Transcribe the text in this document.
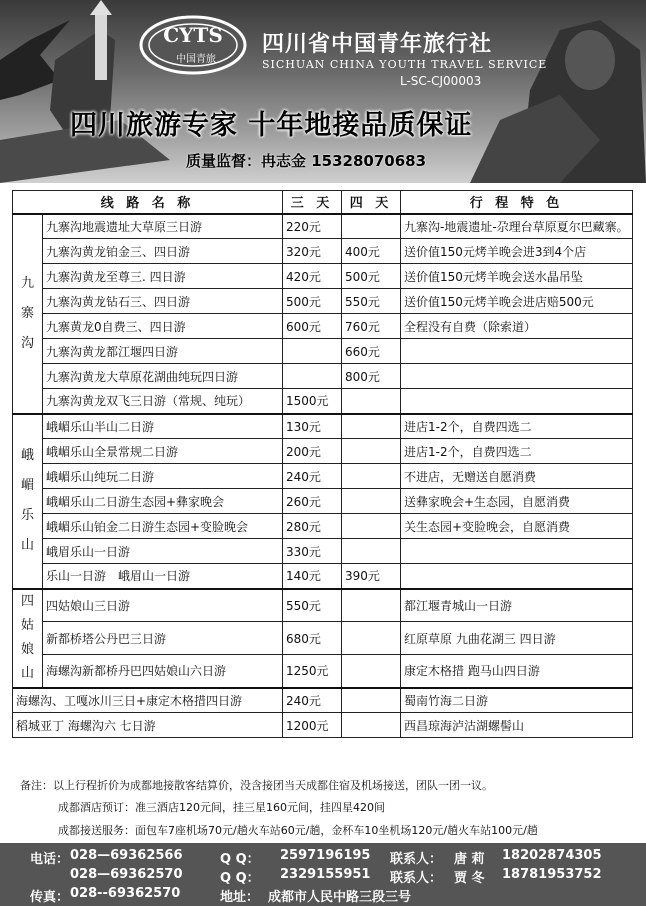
CYTS
中国青旅
四川省中国青年旅行社
SICHUAN CHINA YOUTH TRAVEL SERVICE
L-SC-CJ00003
四川旅游专家 十年地接品质保证
质量监督：冉志金 15328070683
线 路 名 称		三 天	四 天	行 程 特 色
九寨沟	九寨沟地震遗址大草原三日游	220元		九寨沟-地震遗址-尕理台草原夏尔巴藏寨。
	九寨沟黄龙铂金三、四日游	320元	400元	送价值150元烤羊晚会进3到4个店
	九寨沟黄龙至尊三. 四日游	420元	500元	送价值150元烤羊晚会送水晶吊坠
	九寨沟黄龙钻石三、四日游	500元	550元	送价值150元烤羊晚会进店赔500元
	九寨黄龙0自费三、四日游	600元	760元	全程没有自费（除索道）
	九寨沟黄龙都江堰四日游		660元	
	九寨沟黄龙大草原花湖曲纯玩四日游		800元	
	九寨沟黄龙双飞三日游（常规、纯玩）	1500元		
峨嵋乐山	峨嵋乐山半山二日游	130元		进店1-2个，自费四选二
	峨嵋乐山全景常规二日游	200元		进店1-2个，自费四选二
	峨嵋乐山纯玩二日游	240元		不进店，无赠送自愿消费
	峨嵋乐山二日游生态园+彝家晚会	260元		送彝家晚会+生态园，自愿消费
	峨嵋乐山铂金二日游生态园+变脸晚会	280元		关生态园+变脸晚会，自愿消费
	峨眉乐山一日游	330元		
	乐山一日游　峨眉山一日游	140元	390元	
四姑娘山	四姑娘山三日游	550元		都江堰青城山一日游
	新都桥塔公丹巴三日游	680元		红原草原 九曲花湖三 四日游
	海螺沟新都桥丹巴四姑娘山六日游	1250元		康定木格措 跑马山四日游
海螺沟、工嘎冰川三日+康定木格措四日游		240元		蜀南竹海二日游
稻城亚丁 海螺沟六 七日游		1200元		西昌琼海泸沽湖螺髻山
备注：以上行程折价为成都地接散客结算价，没含接团当天成都住宿及机场接送，团队一团一议。
成都酒店预订：准三酒店120元间，挂三星160元间，挂四星420间
成都接送服务：面包车7座机场70元/趟火车站60元/趟，金杯车10坐机场120元/趟火车站100元/趟
电话： 028—69362566	Q Q： 2597196195 联系人： 唐 莉 18202874305
028—69362570	Q Q： 2329155951 联系人： 贾 冬 18781953752
传真： 028--69362570	地址： 成都市人民中路三段三号
